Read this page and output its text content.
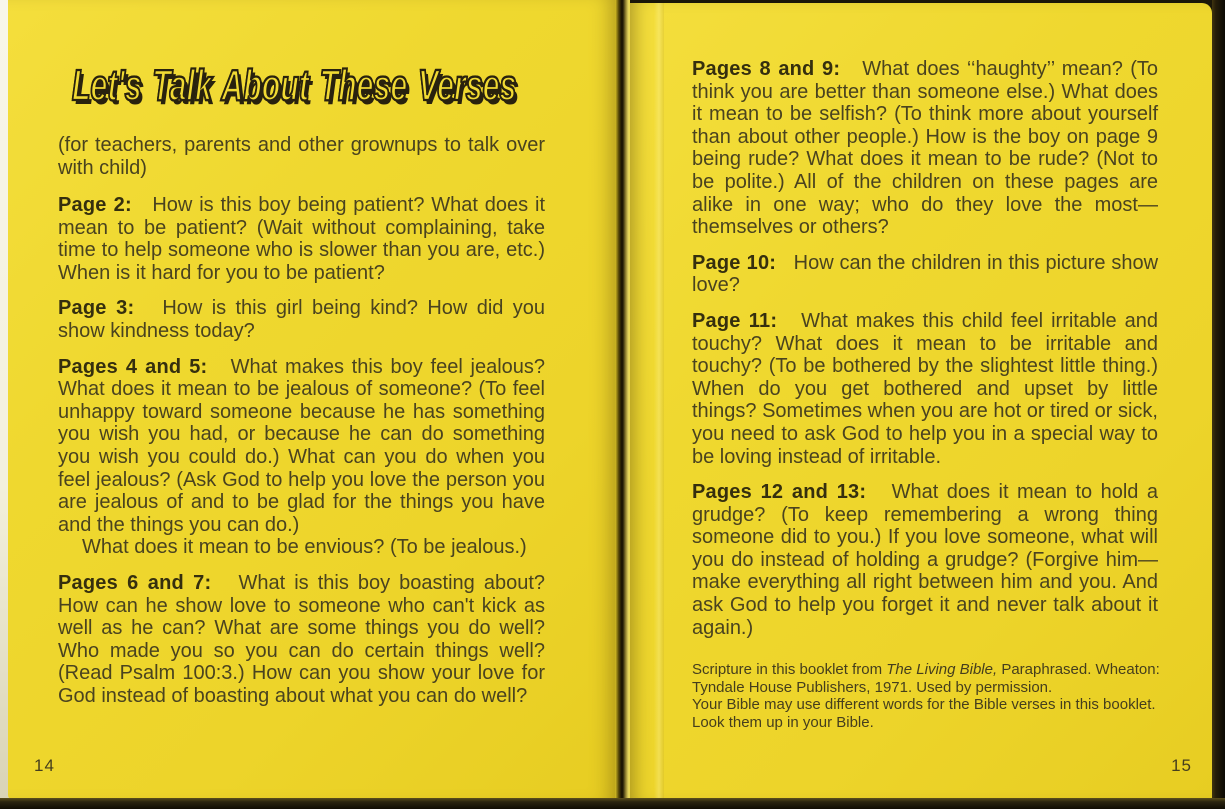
Let's Talk About These Verses

(for teachers, parents and other grownups to talk over with child)

Page 2: How is this boy being patient? What does it mean to be patient? (Wait without complaining, take time to help someone who is slower than you are, etc.) When is it hard for you to be patient?

Page 3: How is this girl being kind? How did you show kindness today?

Pages 4 and 5: What makes this boy feel jealous? What does it mean to be jealous of someone? (To feel unhappy toward someone because he has something you wish you had, or because he can do something you wish you could do.) What can you do when you feel jealous? (Ask God to help you love the person you are jealous of and to be glad for the things you have and the things you can do.)

What does it mean to be envious? (To be jealous.)

Pages 6 and 7: What is this boy boasting about? How can he show love to someone who can't kick as well as he can? What are some things you do well? Who made you so you can do certain things well? (Read Psalm 100:3.) How can you show your love for God instead of boasting about what you can do well?

14

Pages 8 and 9: What does ‘‘haughty’’ mean? (To think you are better than someone else.) What does it mean to be selfish? (To think more about yourself than about other people.) How is the boy on page 9 being rude? What does it mean to be rude? (Not to be polite.) All of the children on these pages are alike in one way; who do they love the most—themselves or others?

Page 10: How can the children in this picture show love?

Page 11: What makes this child feel irritable and touchy? What does it mean to be irritable and touchy? (To be bothered by the slightest little thing.) When do you get bothered and upset by little things? Sometimes when you are hot or tired or sick, you need to ask God to help you in a special way to be loving instead of irritable.

Pages 12 and 13: What does it mean to hold a grudge? (To keep remembering a wrong thing someone did to you.) If you love someone, what will you do instead of holding a grudge? (Forgive him—make everything all right between him and you. And ask God to help you forget it and never talk about it again.)

Scripture in this booklet from The Living Bible, Paraphrased. Wheaton: Tyndale House Publishers, 1971. Used by permission.

Your Bible may use different words for the Bible verses in this booklet. Look them up in your Bible.

15
